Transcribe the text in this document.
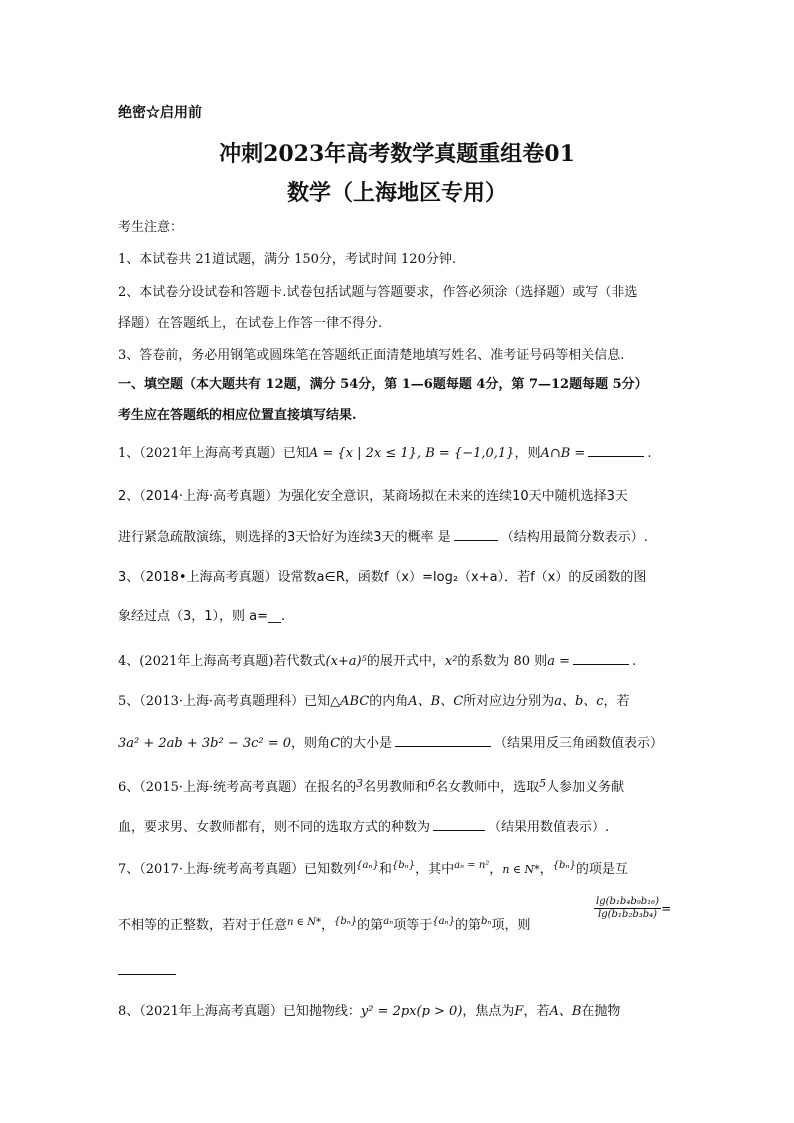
绝密☆启用前
冲刺2023年高考数学真题重组卷01
数学（上海地区专用）
考生注意：
1、本试卷共 21道试题，满分 150分，考试时间 120分钟.
2、本试卷分设试卷和答题卡.试卷包括试题与答题要求，作答必须涂（选择题）或写（非选
择题）在答题纸上，在试卷上作答一律不得分.
3、答卷前，务必用钢笔或圆珠笔在答题纸正面清楚地填写姓名、准考证号码等相关信息.
一、填空题（本大题共有 12题，满分 54分，第 1—6题每题 4分，第 7—12题每题 5分）
考生应在答题纸的相应位置直接填写结果.
1、（2021年上海高考真题）已知A = {x | 2x ≤ 1}, B = {−1,0,1}，则A∩B =	.
2、（2014·上海·高考真题）为强化安全意识，某商场拟在未来的连续10天中随机选择3天
进行紧急疏散演练，则选择的3天恰好为连续3天的概率 是	（结构用最简分数表示）.
3、（2018•上海高考真题）设常数a∈R，函数f（x）=log₂（x+a）．若f（x）的反函数的图
象经过点（3，1），则 a=__.
4、(2021年上海高考真题)若代数式(x+a)⁵的展开式中，x²的系数为 80 则a =	.
5、（2013·上海·高考真题理科）已知△ABC的内角A、B、C所对应边分别为a、b、c，若
3a² + 2ab + 3b² − 3c² = 0，则角C的大小是	（结果用反三角函数值表示）
6、（2015·上海·统考高考真题）在报名的$^3$名男教师和$^6$名女教师中，选取$^5$人参加义务献
血，要求男、女教师都有，则不同的选取方式的种数为	（结果用数值表示）.
7、（2017·上海·统考高考真题）已知数列$^{\{a_n\}}$和$^{\{b_n\}}$，其中$^{a_n = n^2}$，n ∈ N*，$^{\{b_n\}}$的项是互
不相等的正整数，若对于任意$^{n \in N*}$，$^{\{b_n\}}$的第$^{a_n}$项等于$^{\{a_n\}}$的第$^{b_n}$项，则
$\frac{\text{lg(b₁b₄b₉b₁₆)}}{\text{lg(b₁b₂b₃b₄)}}$ =
8、（2021年上海高考真题）已知抛物线：y² = 2px(p > 0)，焦点为F，若A、B在抛物
